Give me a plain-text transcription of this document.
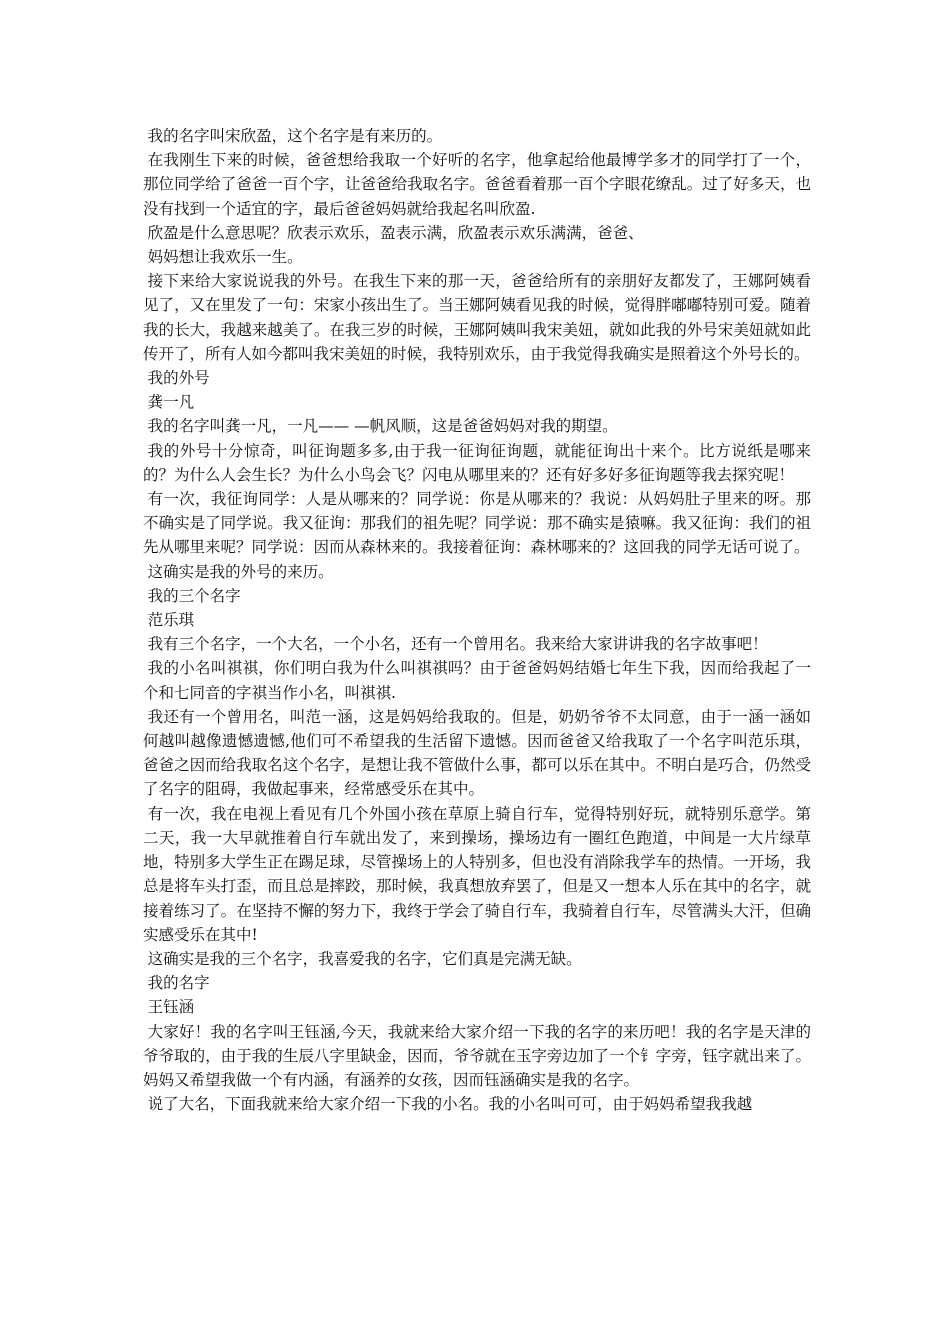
我的名字叫宋欣盈，这个名字是有来历的。

在我刚生下来的时候，爸爸想给我取一个好听的名字，他拿起给他最博学多才的同学打了一个，那位同学给了爸爸一百个字，让爸爸给我取名字。爸爸看着那一百个字眼花缭乱。过了好多天，也没有找到一个适宜的字，最后爸爸妈妈就给我起名叫欣盈.

欣盈是什么意思呢？欣表示欢乐，盈表示满，欣盈表示欢乐满满，爸爸、

妈妈想让我欢乐一生。

接下来给大家说说我的外号。在我生下来的那一天，爸爸给所有的亲朋好友都发了，王娜阿姨看见了，又在里发了一句：宋家小孩出生了。当王娜阿姨看见我的时候，觉得胖嘟嘟特别可爱。随着我的长大，我越来越美了。在我三岁的时候，王娜阿姨叫我宋美妞，就如此我的外号宋美妞就如此传开了，所有人如今都叫我宋美妞的时候，我特别欢乐，由于我觉得我确实是照着这个外号长的。

我的外号

龚一凡

我的名字叫龚一凡，一凡—— —帆风顺，这是爸爸妈妈对我的期望。

我的外号十分惊奇，叫征询题多多,由于我一征询征询题，就能征询出十来个。比方说纸是哪来的？为什么人会生长？为什么小鸟会飞？闪电从哪里来的？还有好多好多征询题等我去探究呢！

有一次，我征询同学：人是从哪来的？同学说：你是从哪来的？我说：从妈妈肚子里来的呀。那不确实是了同学说。我又征询：那我们的祖先呢？同学说：那不确实是猿嘛。我又征询：我们的祖先从哪里来呢？同学说：因而从森林来的。我接着征询：森林哪来的？这回我的同学无话可说了。

这确实是我的外号的来历。

我的三个名字

范乐琪

我有三个名字，一个大名，一个小名，还有一个曾用名。我来给大家讲讲我的名字故事吧！

我的小名叫祺祺，你们明白我为什么叫祺祺吗？由于爸爸妈妈结婚七年生下我，因而给我起了一个和七同音的字祺当作小名，叫祺祺.

我还有一个曾用名，叫范一涵，这是妈妈给我取的。但是，奶奶爷爷不太同意，由于一涵一涵如何越叫越像遗憾遗憾,他们可不希望我的生活留下遗憾。因而爸爸又给我取了一个名字叫范乐琪，爸爸之因而给我取名这个名字，是想让我不管做什么事，都可以乐在其中。不明白是巧合，仍然受了名字的阻碍，我做起事来，经常感受乐在其中。

有一次，我在电视上看见有几个外国小孩在草原上骑自行车，觉得特别好玩，就特别乐意学。第二天，我一大早就推着自行车就出发了，来到操场，操场边有一圈红色跑道，中间是一大片绿草地，特别多大学生正在踢足球，尽管操场上的人特别多，但也没有消除我学车的热情。一开场，我总是将车头打歪，而且总是摔跤，那时候，我真想放弃罢了，但是又一想本人乐在其中的名字，就接着练习了。在坚持不懈的努力下，我终于学会了骑自行车，我骑着自行车，尽管满头大汗，但确实感受乐在其中!

这确实是我的三个名字，我喜爱我的名字，它们真是完满无缺。

我的名字

王钰涵

大家好！我的名字叫王钰涵,今天，我就来给大家介绍一下我的名字的来历吧！我的名字是天津的爷爷取的，由于我的生辰八字里缺金，因而，爷爷就在玉字旁边加了一个钅字旁，钰字就出来了。妈妈又希望我做一个有内涵，有涵养的女孩，因而钰涵确实是我的名字。

说了大名，下面我就来给大家介绍一下我的小名。我的小名叫可可，由于妈妈希望我我越
